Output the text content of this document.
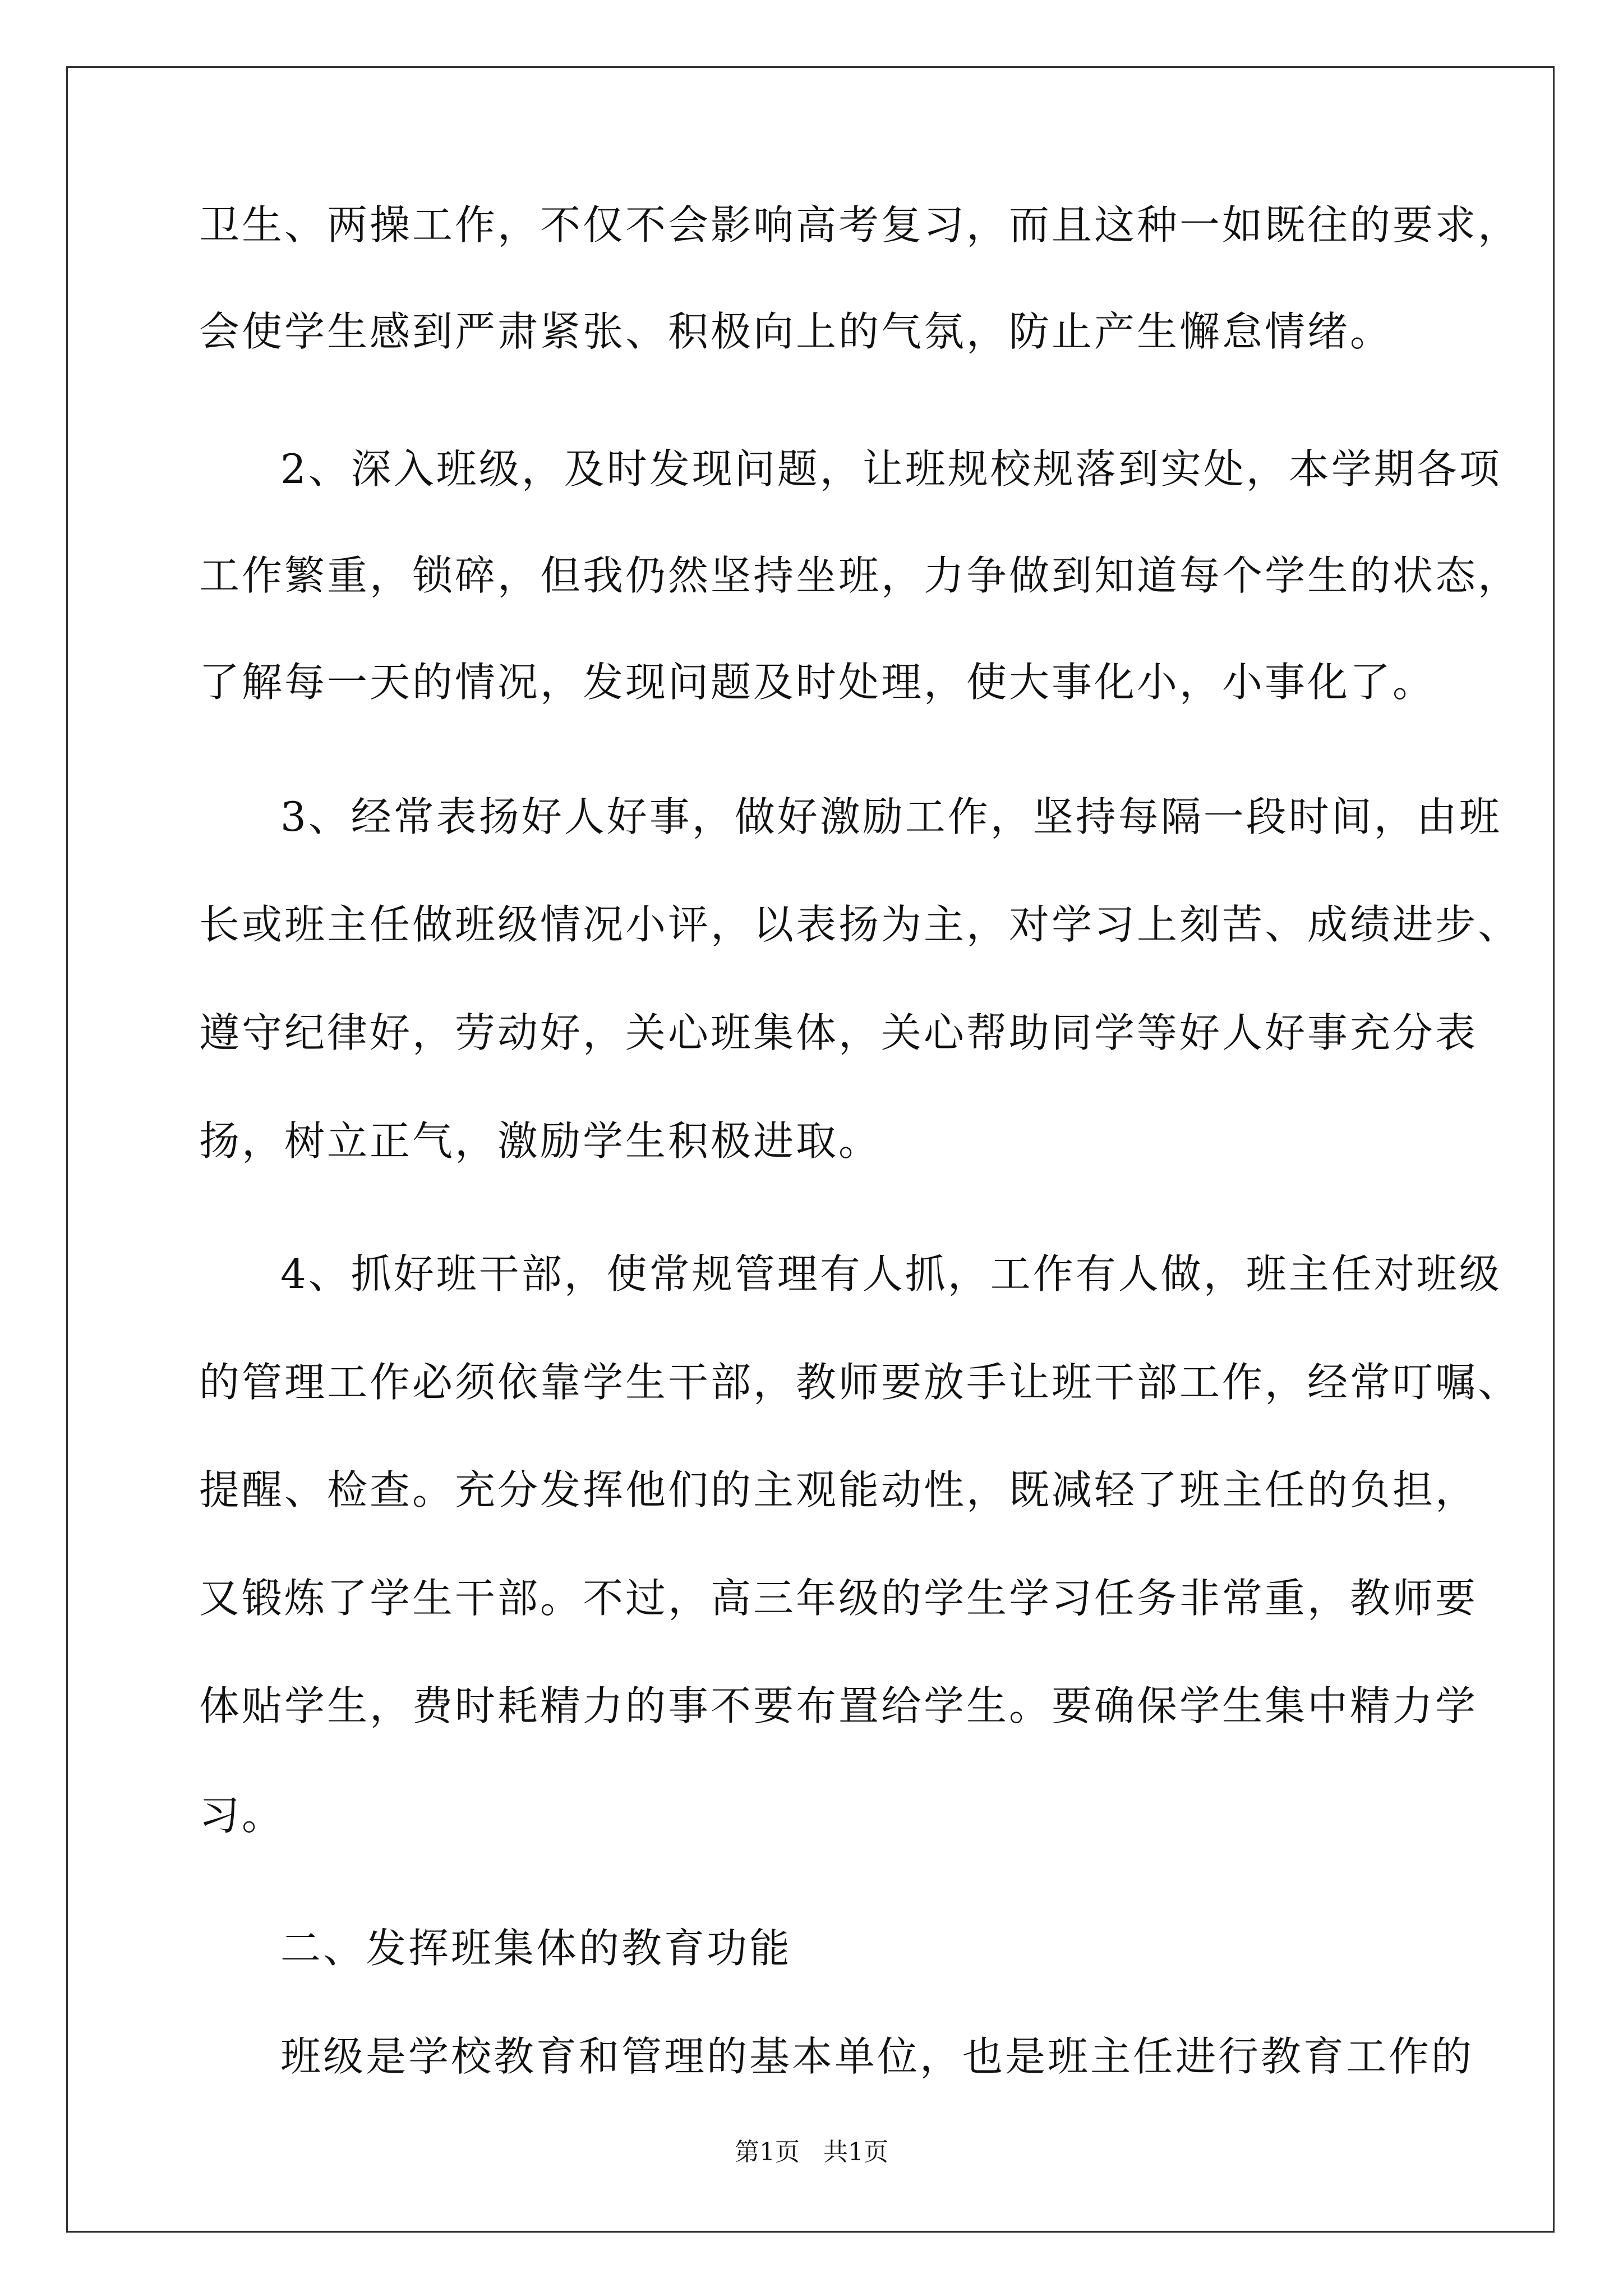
卫生、两操工作，不仅不会影响高考复习，而且这种一如既往的要求，
会使学生感到严肃紧张、积极向上的气氛，防止产生懈怠情绪。
2、深入班级，及时发现问题，让班规校规落到实处，本学期各项
工作繁重，锁碎，但我仍然坚持坐班，力争做到知道每个学生的状态，
了解每一天的情况，发现问题及时处理，使大事化小，小事化了。
3、经常表扬好人好事，做好激励工作，坚持每隔一段时间，由班
长或班主任做班级情况小评，以表扬为主，对学习上刻苦、成绩进步、
遵守纪律好，劳动好，关心班集体，关心帮助同学等好人好事充分表
扬，树立正气，激励学生积极进取。
4、抓好班干部，使常规管理有人抓，工作有人做，班主任对班级
的管理工作必须依靠学生干部，教师要放手让班干部工作，经常叮嘱、
提醒、检查。充分发挥他们的主观能动性，既减轻了班主任的负担，
又锻炼了学生干部。不过，高三年级的学生学习任务非常重，教师要
体贴学生，费时耗精力的事不要布置给学生。要确保学生集中精力学
习。
二、发挥班集体的教育功能
班级是学校教育和管理的基本单位，也是班主任进行教育工作的
第1页   共1页
